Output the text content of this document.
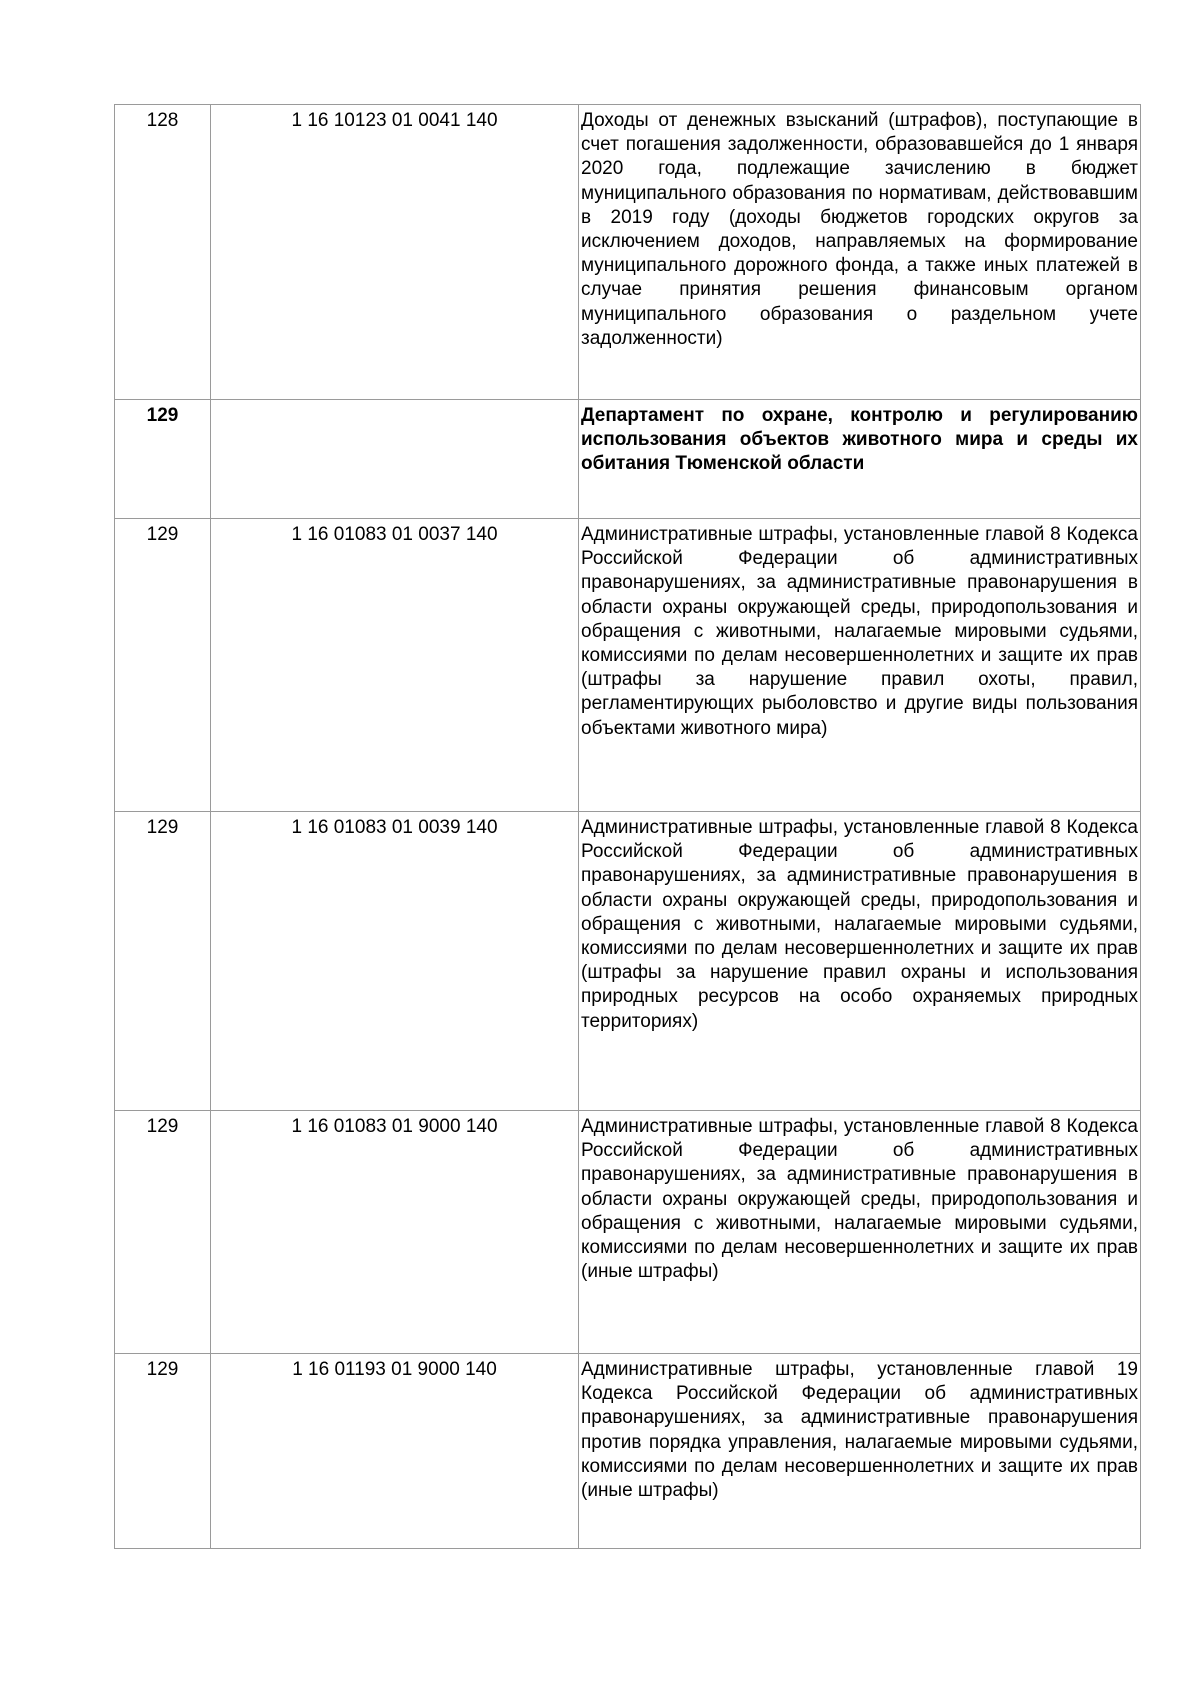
128	1 16 10123 01 0041 140	Доходы от денежных взысканий (штрафов), поступающие в счет погашения задолженности, образовавшейся до 1 января 2020 года, подлежащие зачислению в бюджет муниципального образования по нормативам, действовавшим в 2019 году (доходы бюджетов городских округов за исключением доходов, направляемых на формирование муниципального дорожного фонда, а также иных платежей в случае принятия решения финансовым органом муниципального образования о раздельном учете задолженности)
129		Департамент по охране, контролю и регулированию использования объектов животного мира и среды их обитания Тюменской области
129	1 16 01083 01 0037 140	Административные штрафы, установленные главой 8 Кодекса Российской Федерации об административных правонарушениях, за административные правонарушения в области охраны окружающей среды, природопользования и обращения с животными, налагаемые мировыми судьями, комиссиями по делам несовершеннолетних и защите их прав (штрафы за нарушение правил охоты, правил, регламентирующих рыболовство и другие виды пользования объектами животного мира)
129	1 16 01083 01 0039 140	Административные штрафы, установленные главой 8 Кодекса Российской Федерации об административных правонарушениях, за административные правонарушения в области охраны окружающей среды, природопользования и обращения с животными, налагаемые мировыми судьями, комиссиями по делам несовершеннолетних и защите их прав (штрафы за нарушение правил охраны и использования природных ресурсов на особо охраняемых природных территориях)
129	1 16 01083 01 9000 140	Административные штрафы, установленные главой 8 Кодекса Российской Федерации об административных правонарушениях, за административные правонарушения в области охраны окружающей среды, природопользования и обращения с животными, налагаемые мировыми судьями, комиссиями по делам несовершеннолетних и защите их прав (иные штрафы)
129	1 16 01193 01 9000 140	Административные штрафы, установленные главой 19 Кодекса Российской Федерации об административных правонарушениях, за административные правонарушения против порядка управления, налагаемые мировыми судьями, комиссиями по делам несовершеннолетних и защите их прав (иные штрафы)
